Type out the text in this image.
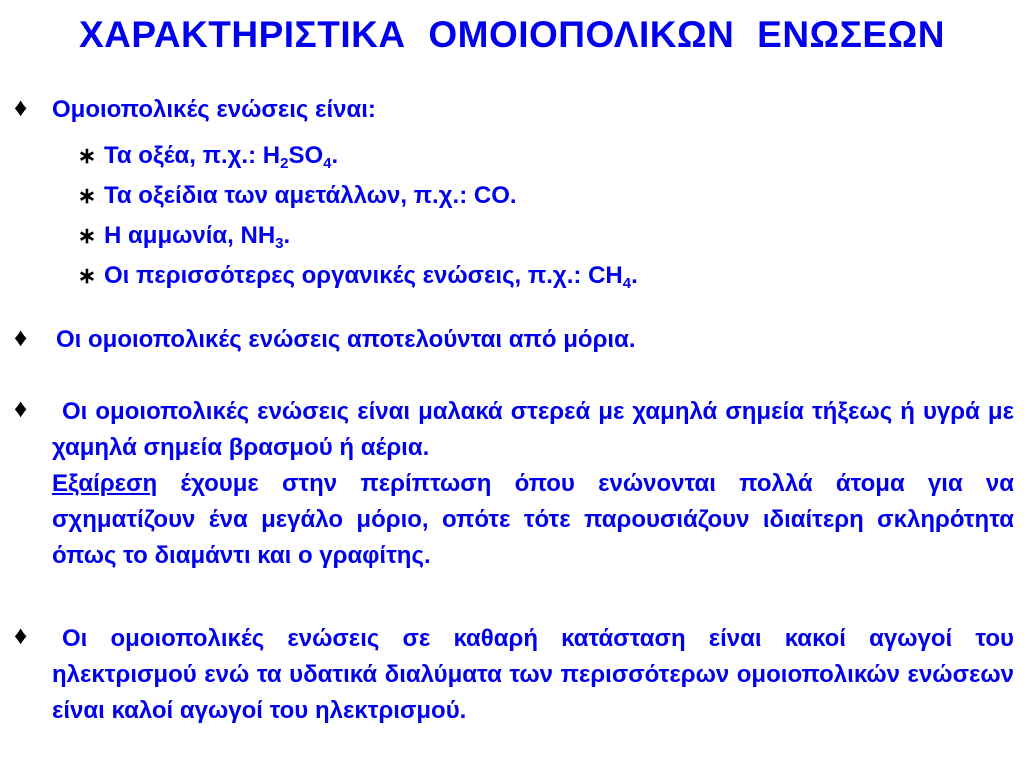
ΧΑΡΑΚΤΗΡΙΣΤΙΚΑ ΟΜΟΙΟΠΟΛΙΚΩΝ ΕΝΩΣΕΩΝ
♦ Ομοιοπολικές ενώσεις είναι:
∗ Τα οξέα, π.χ.: $H_2SO_4$.
∗ Τα οξείδια των αμετάλλων, π.χ.: CO.
∗ Η αμμωνία, $NH_3$.
∗ Οι περισσότερες οργανικές ενώσεις, π.χ.: $CH_4$.
♦ Οι ομοιοπολικές ενώσεις αποτελούνται από μόρια.
♦	Οι ομοιοπολικές ενώσεις είναι μαλακά στερεά με χαμηλά σημεία τήξεως ή υγρά με χαμηλά σημεία βρασμού ή αέρια.
Εξαίρεση έχουμε στην περίπτωση όπου ενώνονται πολλά άτομα για να σχηματίζουν ένα μεγάλο μόριο, οπότε τότε παρουσιάζουν ιδιαίτερη σκληρότητα όπως το διαμάντι και ο γραφίτης.
♦	Οι ομοιοπολικές ενώσεις σε καθαρή κατάσταση είναι κακοί αγωγοί του ηλεκτρισμού ενώ τα υδατικά διαλύματα των περισσότερων ομοιοπολικών ενώσεων είναι καλοί αγωγοί του ηλεκτρισμού.
